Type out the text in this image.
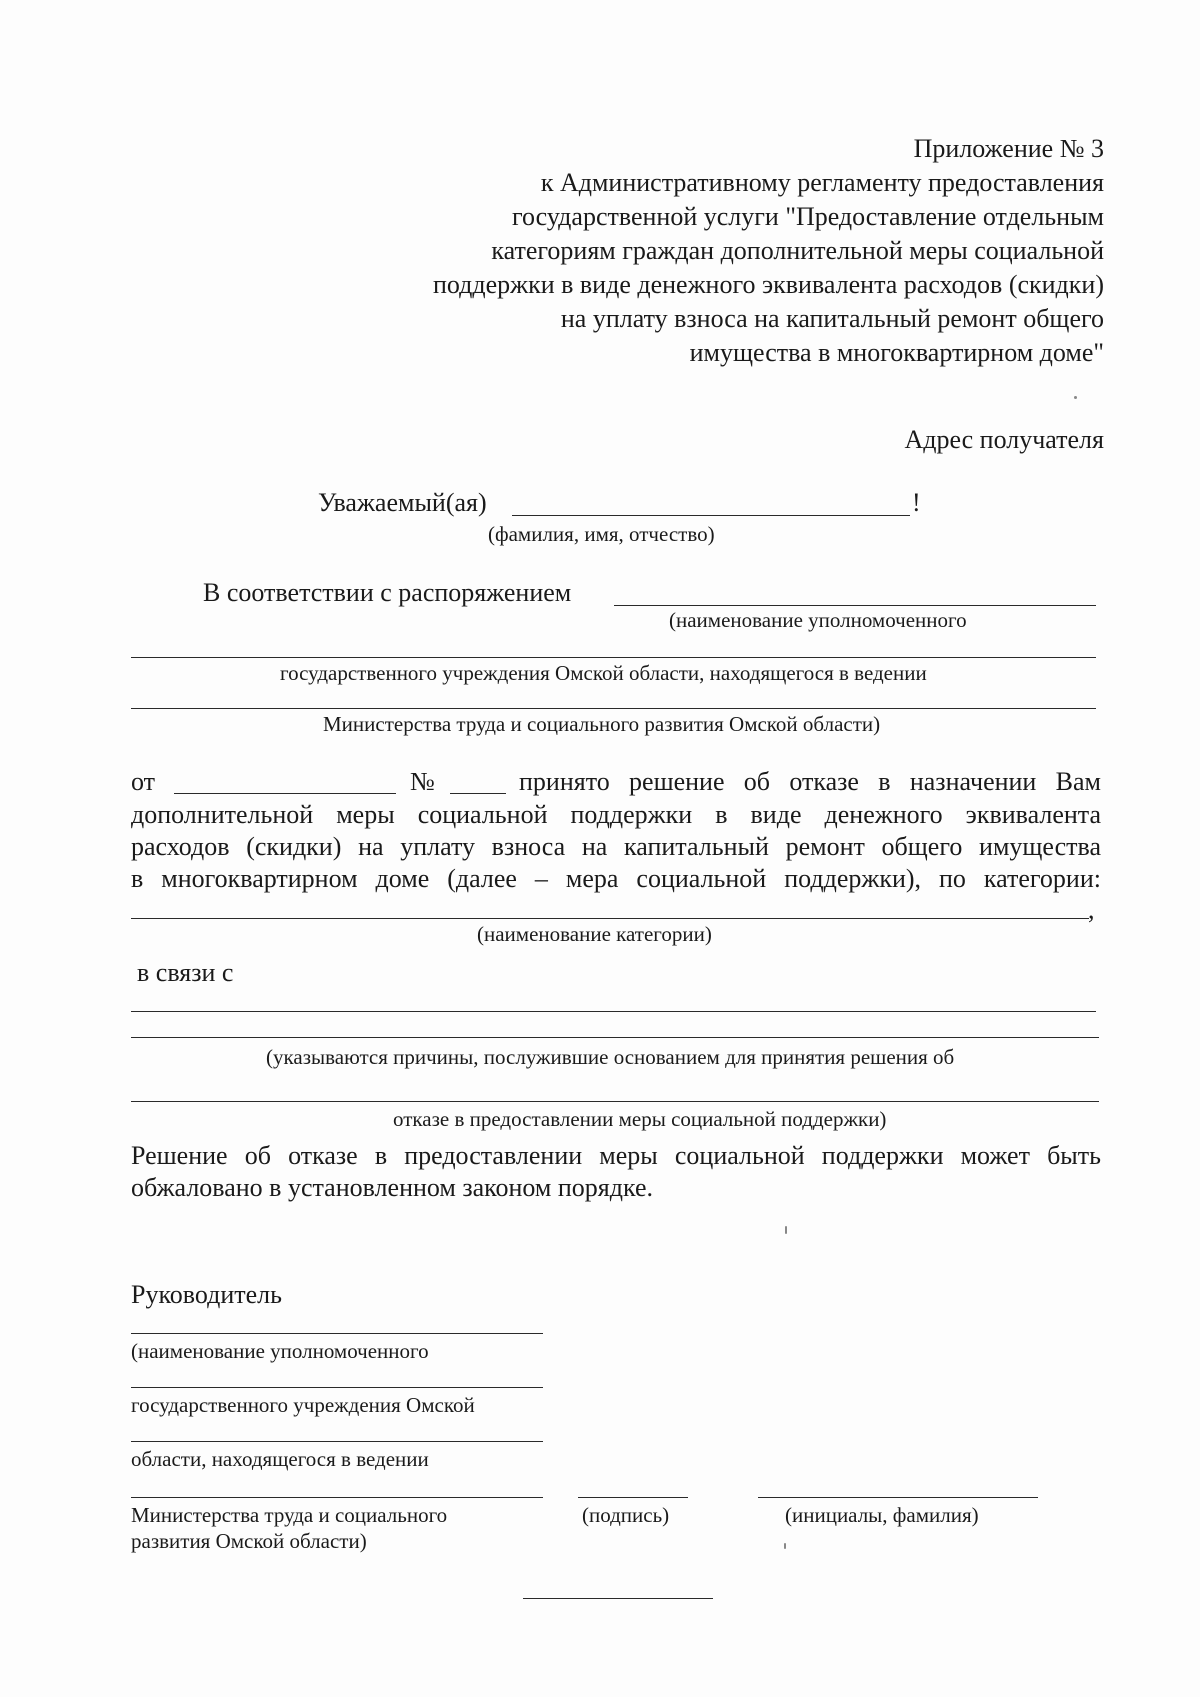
Приложение № 3
к Административному регламенту предоставления
государственной услуги "Предоставление отдельным
категориям граждан дополнительной меры социальной
поддержки в виде денежного эквивалента расходов (скидки)
на уплату взноса на капитальный ремонт общего
имущества в многоквартирном доме"
Адрес получателя
Уважаемый(ая)	!
(фамилия, имя, отчество)
В соответствии с распоряжением
(наименование уполномоченного
государственного учреждения Омской области, находящегося в ведении
Министерства труда и социального развития Омской области)
от	№	принято решение об отказе в назначении Вам
дополнительной меры социальной поддержки в виде денежного эквивалента
расходов (скидки) на уплату взноса на капитальный ремонт общего имущества
в многоквартирном доме (далее – мера социальной поддержки), по категории:
,
(наименование категории)
в связи с
(указываются причины, послужившие основанием для принятия решения об
отказе в предоставлении меры социальной поддержки)
Решение об отказе в предоставлении меры социальной поддержки может быть
обжаловано в установленном законом порядке.
Руководитель
(наименование уполномоченного
государственного учреждения Омской
области, находящегося в ведении
Министерства труда и социального
развития Омской области)
(подпись)	(инициалы, фамилия)
